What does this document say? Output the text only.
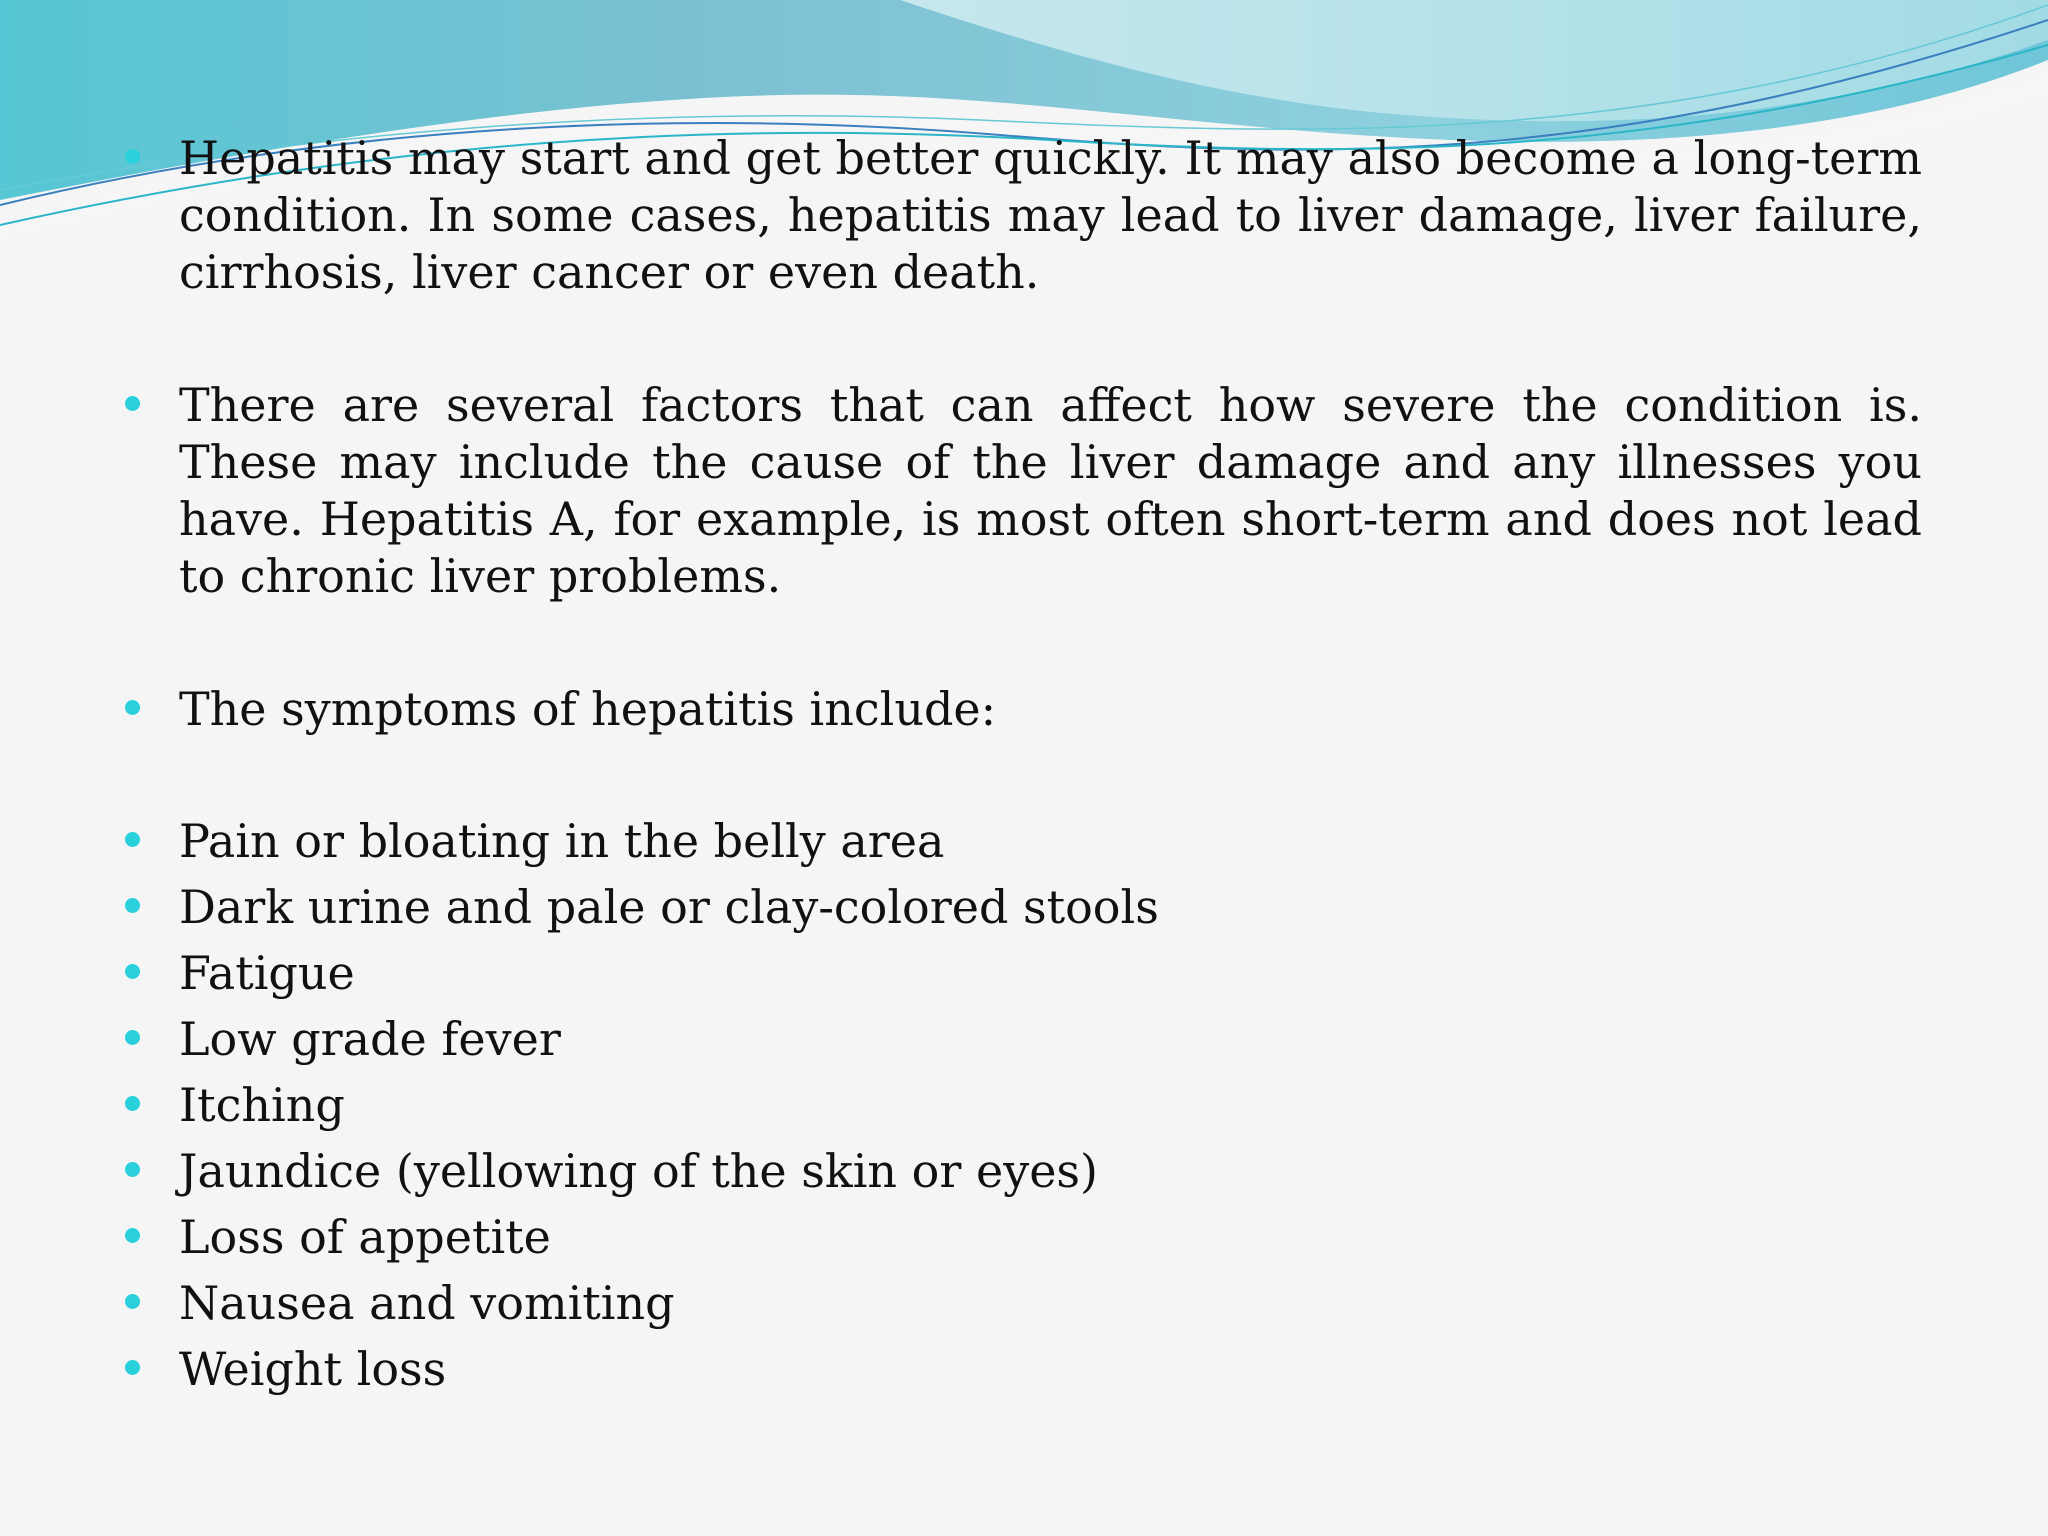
Hepatitis may start and get better quickly. It may also become a long-term condition. In some cases, hepatitis may lead to liver damage, liver failure, cirrhosis, liver cancer or even death.
There are several factors that can affect how severe the condition is. These may include the cause of the liver damage and any illnesses you have. Hepatitis A, for example, is most often short-term and does not lead to chronic liver problems.
The symptoms of hepatitis include:
Pain or bloating in the belly area
Dark urine and pale or clay-colored stools
Fatigue
Low grade fever
Itching
Jaundice (yellowing of the skin or eyes)
Loss of appetite
Nausea and vomiting
Weight loss
